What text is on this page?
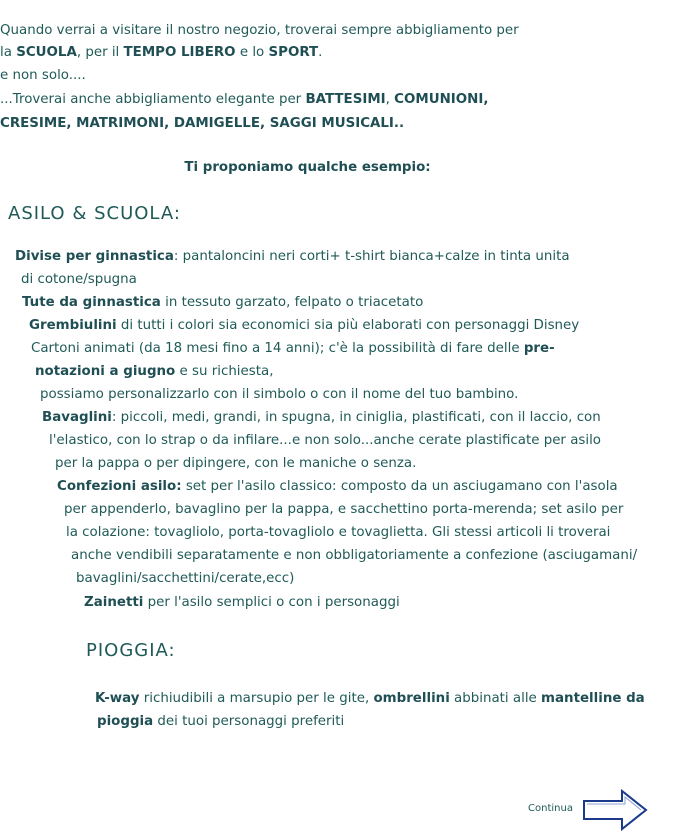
Quando verrai a visitare il nostro negozio, troverai sempre abbigliamento per
la SCUOLA, per il TEMPO LIBERO e lo SPORT.
e non solo....
...Troverai anche abbigliamento elegante per BATTESIMI, COMUNIONI,
CRESIME, MATRIMONI, DAMIGELLE, SAGGI MUSICALI..
Ti proponiamo qualche esempio:
ASILO & SCUOLA:
Divise per ginnastica: pantaloncini neri corti+ t-shirt bianca+calze in tinta unita
di cotone/spugna
Tute da ginnastica in tessuto garzato, felpato o triacetato
Grembiulini di tutti i colori sia economici sia più elaborati con personaggi Disney
Cartoni animati (da 18 mesi fino a 14 anni); c'è la possibilità di fare delle pre-
notazioni a giugno e su richiesta,
possiamo personalizzarlo con il simbolo o con il nome del tuo bambino.
Bavaglini: piccoli, medi, grandi, in spugna, in ciniglia, plastificati, con il laccio, con
l'elastico, con lo strap o da infilare...e non solo...anche cerate plastificate per asilo
per la pappa o per dipingere, con le maniche o senza.
Confezioni asilo: set per l'asilo classico: composto da un asciugamano con l'asola
per appenderlo, bavaglino per la pappa, e sacchettino porta-merenda; set asilo per
la colazione: tovagliolo, porta-tovagliolo e tovaglietta. Gli stessi articoli li troverai
anche vendibili separatamente e non obbligatoriamente a confezione (asciugamani/
bavaglini/sacchettini/cerate,ecc)
Zainetti per l'asilo semplici o con i personaggi
PIOGGIA:
K-way richiudibili a marsupio per le gite, ombrellini abbinati alle mantelline da
pioggia dei tuoi personaggi preferiti
Continua
